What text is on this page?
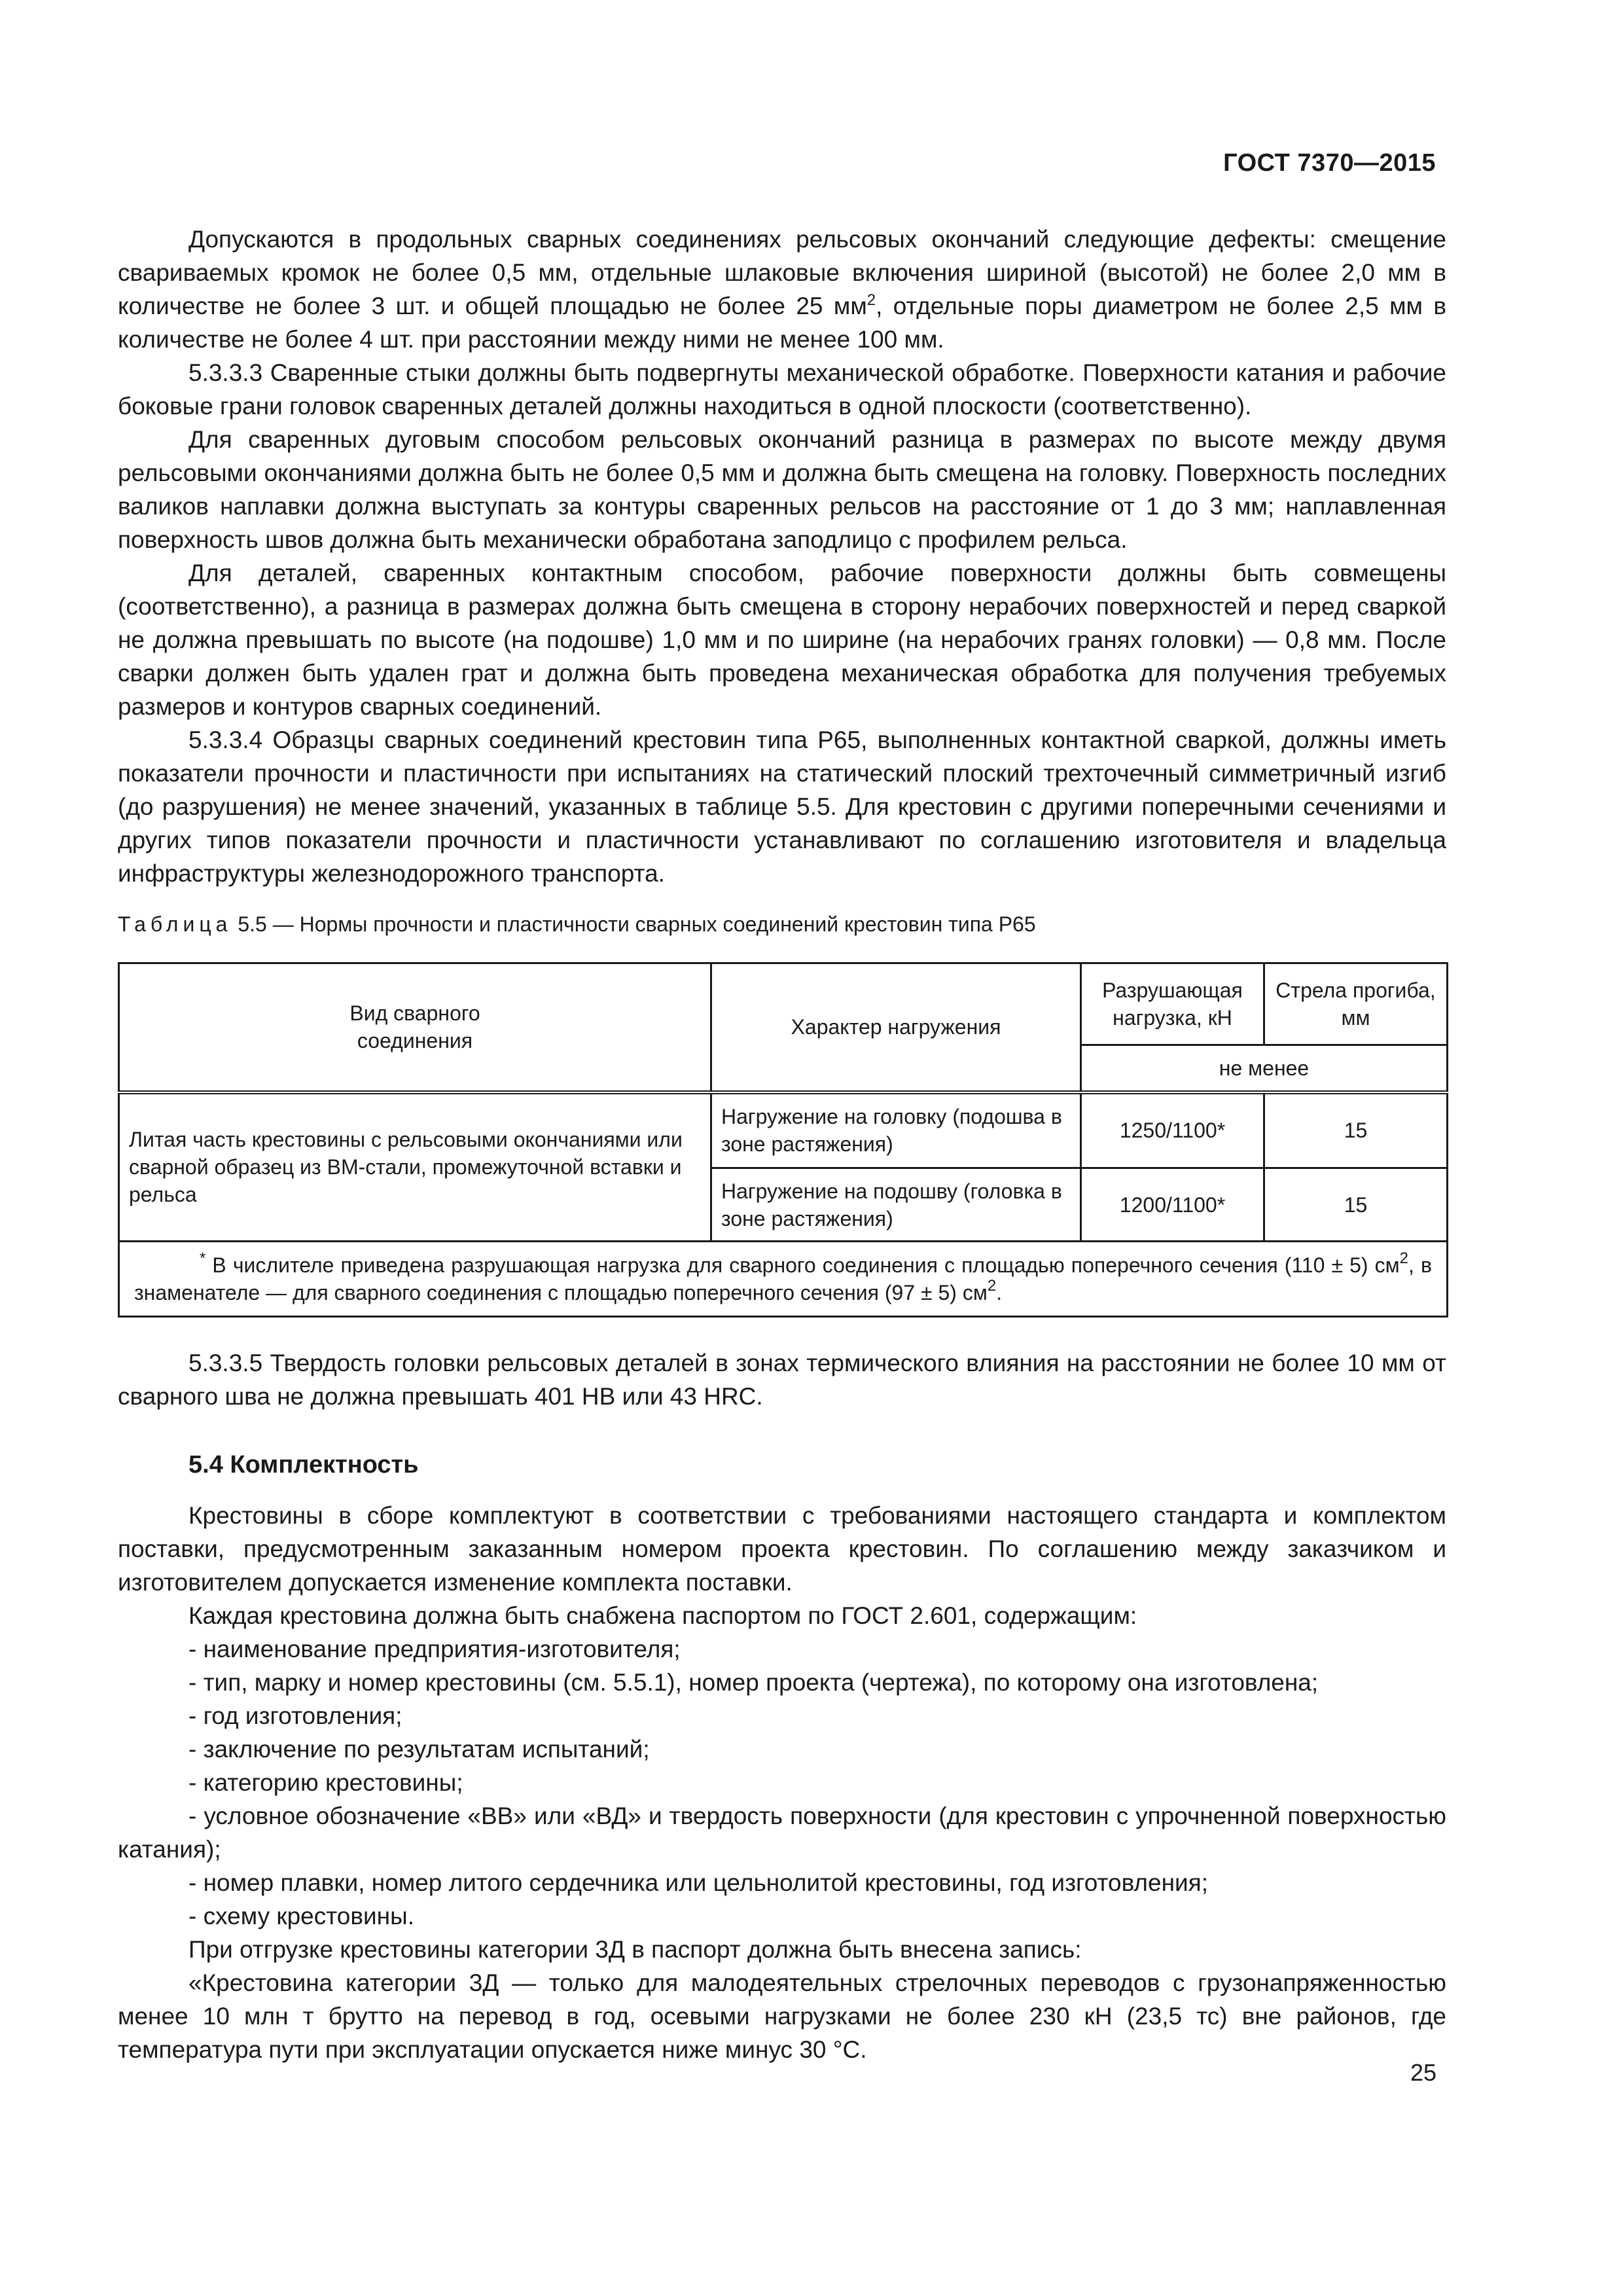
ГОСТ 7370—2015

Допускаются в продольных сварных соединениях рельсовых окончаний следующие дефекты: смещение свариваемых кромок не более 0,5 мм, отдельные шлаковые включения шириной (высотой) не более 2,0 мм в количестве не более 3 шт. и общей площадью не более 25 $мм^2$, отдельные поры диаметром не более 2,5 мм в количестве не более 4 шт. при расстоянии между ними не менее 100 мм.

5.3.3.3 Сваренные стыки должны быть подвергнуты механической обработке. Поверхности катания и рабочие боковые грани головок сваренных деталей должны находиться в одной плоскости (соответственно).

Для сваренных дуговым способом рельсовых окончаний разница в размерах по высоте между двумя рельсовыми окончаниями должна быть не более 0,5 мм и должна быть смещена на головку. Поверхность последних валиков наплавки должна выступать за контуры сваренных рельсов на расстояние от 1 до 3 мм; наплавленная поверхность швов должна быть механически обработана заподлицо с профилем рельса.

Для деталей, сваренных контактным способом, рабочие поверхности должны быть совмещены (соответственно), а разница в размерах должна быть смещена в сторону нерабочих поверхностей и перед сваркой не должна превышать по высоте (на подошве) 1,0 мм и по ширине (на нерабочих гранях головки) — 0,8 мм. После сварки должен быть удален грат и должна быть проведена механическая обработка для получения требуемых размеров и контуров сварных соединений.

5.3.3.4 Образцы сварных соединений крестовин типа Р65, выполненных контактной сваркой, должны иметь показатели прочности и пластичности при испытаниях на статический плоский трехточечный симметричный изгиб (до разрушения) не менее значений, указанных в таблице 5.5. Для крестовин с другими поперечными сечениями и других типов показатели прочности и пластичности устанавливают по соглашению изготовителя и владельца инфраструктуры железнодорожного транспорта.

Таблица 5.5 — Нормы прочности и пластичности сварных соединений крестовин типа Р65
Вид сварного соединения	Характер нагружения	Разрушающая нагрузка, кН	Стрела прогиба, мм
		не менее	
Литая часть крестовины с рельсовыми окончаниями или сварной образец из ВМ-стали, промежуточной вставки и рельса	Нагружение на головку (подошва в зоне растяжения)	1250/1100*	15
	Нагружение на подошву (головка в зоне растяжения)	1200/1100*	15
* В числителе приведена разрушающая нагрузка для сварного соединения с площадью поперечного сечения (110 ± 5) $см^2$, в знаменателе — для сварного соединения с площадью поперечного сечения (97 ± 5) $см^2$.			

5.3.3.5 Твердость головки рельсовых деталей в зонах термического влияния на расстоянии не более 10 мм от сварного шва не должна превышать 401 НВ или 43 HRC.

5.4 Комплектность

Крестовины в сборе комплектуют в соответствии с требованиями настоящего стандарта и комплектом поставки, предусмотренным заказанным номером проекта крестовин. По соглашению между заказчиком и изготовителем допускается изменение комплекта поставки.

Каждая крестовина должна быть снабжена паспортом по ГОСТ 2.601, содержащим:

- наименование предприятия-изготовителя;

- тип, марку и номер крестовины (см. 5.5.1), номер проекта (чертежа), по которому она изготовлена;

- год изготовления;

- заключение по результатам испытаний;

- категорию крестовины;

- условное обозначение «ВВ» или «ВД» и твердость поверхности (для крестовин с упрочненной поверхностью катания);

- номер плавки, номер литого сердечника или цельнолитой крестовины, год изготовления;

- схему крестовины.

При отгрузке крестовины категории 3Д в паспорт должна быть внесена запись:

«Крестовина категории 3Д — только для малодеятельных стрелочных переводов с грузонапряженностью менее 10 млн т брутто на перевод в год, осевыми нагрузками не более 230 кН (23,5 тс) вне районов, где температура пути при эксплуатации опускается ниже минус 30 °С.

25
